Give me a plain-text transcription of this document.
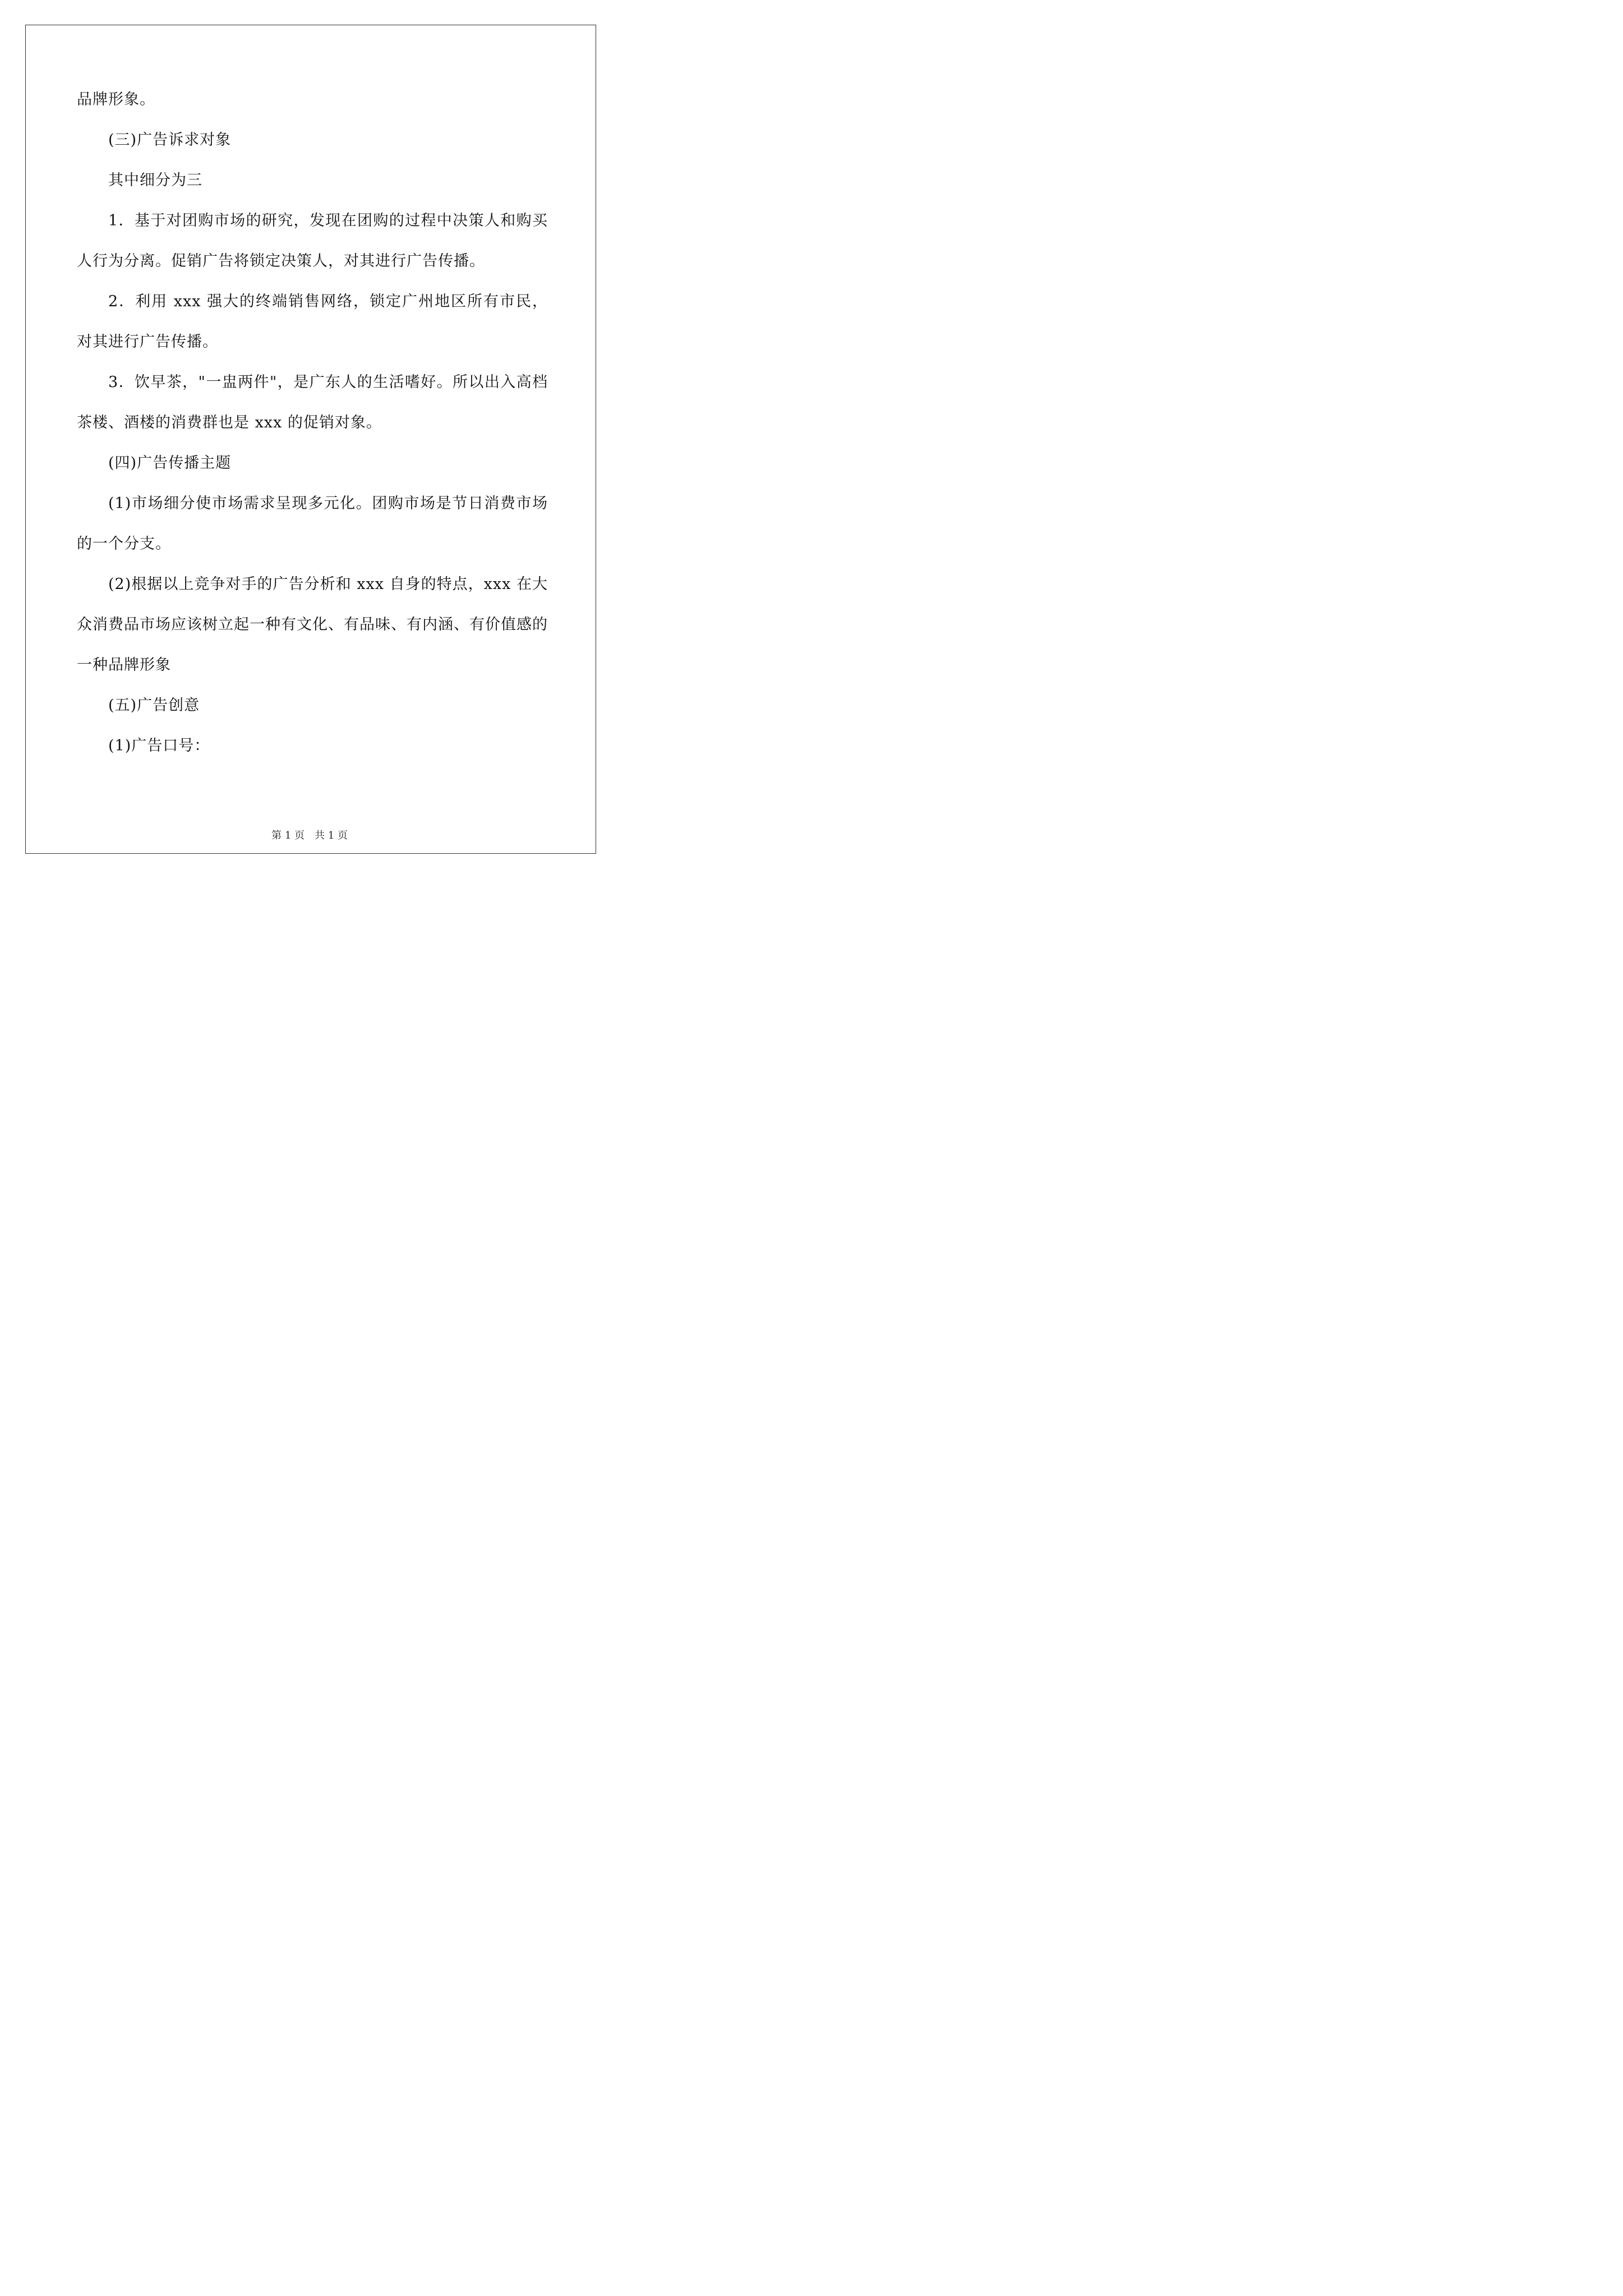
品牌形象。

(三)广告诉求对象

其中细分为三

1．基于对团购市场的研究，发现在团购的过程中决策人和购买人行为分离。促销广告将锁定决策人，对其进行广告传播。

2．利用 xxx 强大的终端销售网络，锁定广州地区所有市民，对其进行广告传播。

3．饮早茶，"一盅两件"，是广东人的生活嗜好。所以出入高档茶楼、酒楼的消费群也是 xxx 的促销对象。

(四)广告传播主题

(1)市场细分使市场需求呈现多元化。团购市场是节日消费市场的一个分支。

(2)根据以上竞争对手的广告分析和 xxx 自身的特点，xxx 在大众消费品市场应该树立起一种有文化、有品味、有内涵、有价值感的一种品牌形象

(五)广告创意

(1)广告口号：

第 1 页 共 1 页
